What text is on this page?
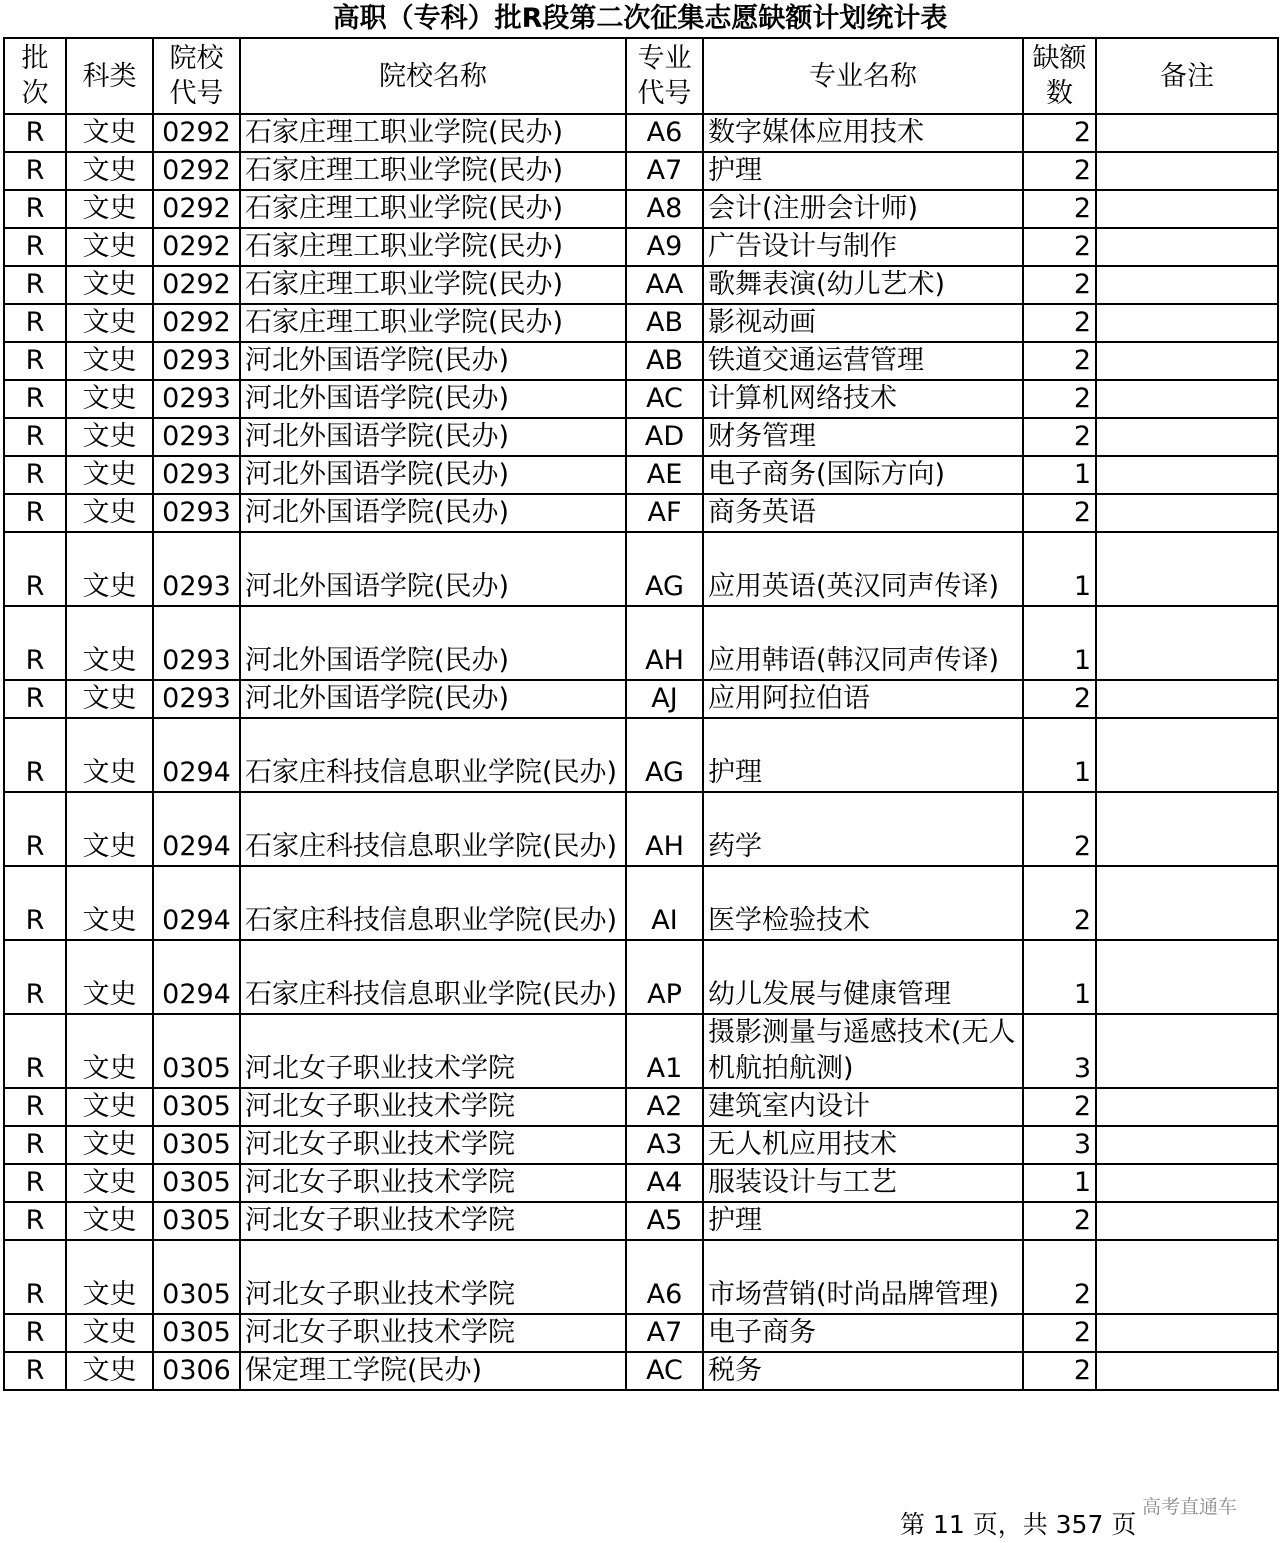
高职（专科）批R段第二次征集志愿缺额计划统计表
批次	科类	院校代号	院校名称	专业代号	专业名称	缺额数	备注
R	文史	0292	石家庄理工职业学院(民办)	A6	数字媒体应用技术	2	
R	文史	0292	石家庄理工职业学院(民办)	A7	护理	2	
R	文史	0292	石家庄理工职业学院(民办)	A8	会计(注册会计师)	2	
R	文史	0292	石家庄理工职业学院(民办)	A9	广告设计与制作	2	
R	文史	0292	石家庄理工职业学院(民办)	AA	歌舞表演(幼儿艺术)	2	
R	文史	0292	石家庄理工职业学院(民办)	AB	影视动画	2	
R	文史	0293	河北外国语学院(民办)	AB	铁道交通运营管理	2	
R	文史	0293	河北外国语学院(民办)	AC	计算机网络技术	2	
R	文史	0293	河北外国语学院(民办)	AD	财务管理	2	
R	文史	0293	河北外国语学院(民办)	AE	电子商务(国际方向)	1	
R	文史	0293	河北外国语学院(民办)	AF	商务英语	2	
R	文史	0293	河北外国语学院(民办)	AG	应用英语(英汉同声传译)	1	
R	文史	0293	河北外国语学院(民办)	AH	应用韩语(韩汉同声传译)	1	
R	文史	0293	河北外国语学院(民办)	AJ	应用阿拉伯语	2	
R	文史	0294	石家庄科技信息职业学院(民办)	AG	护理	1	
R	文史	0294	石家庄科技信息职业学院(民办)	AH	药学	2	
R	文史	0294	石家庄科技信息职业学院(民办)	AI	医学检验技术	2	
R	文史	0294	石家庄科技信息职业学院(民办)	AP	幼儿发展与健康管理	1	
R	文史	0305	河北女子职业技术学院	A1	摄影测量与遥感技术(无人机航拍航测)	3	
R	文史	0305	河北女子职业技术学院	A2	建筑室内设计	2	
R	文史	0305	河北女子职业技术学院	A3	无人机应用技术	3	
R	文史	0305	河北女子职业技术学院	A4	服装设计与工艺	1	
R	文史	0305	河北女子职业技术学院	A5	护理	2	
R	文史	0305	河北女子职业技术学院	A6	市场营销(时尚品牌管理)	2	
R	文史	0305	河北女子职业技术学院	A7	电子商务	2	
R	文史	0306	保定理工学院(民办)	AC	税务	2	
第 11 页，共 357 页
高考直通车
